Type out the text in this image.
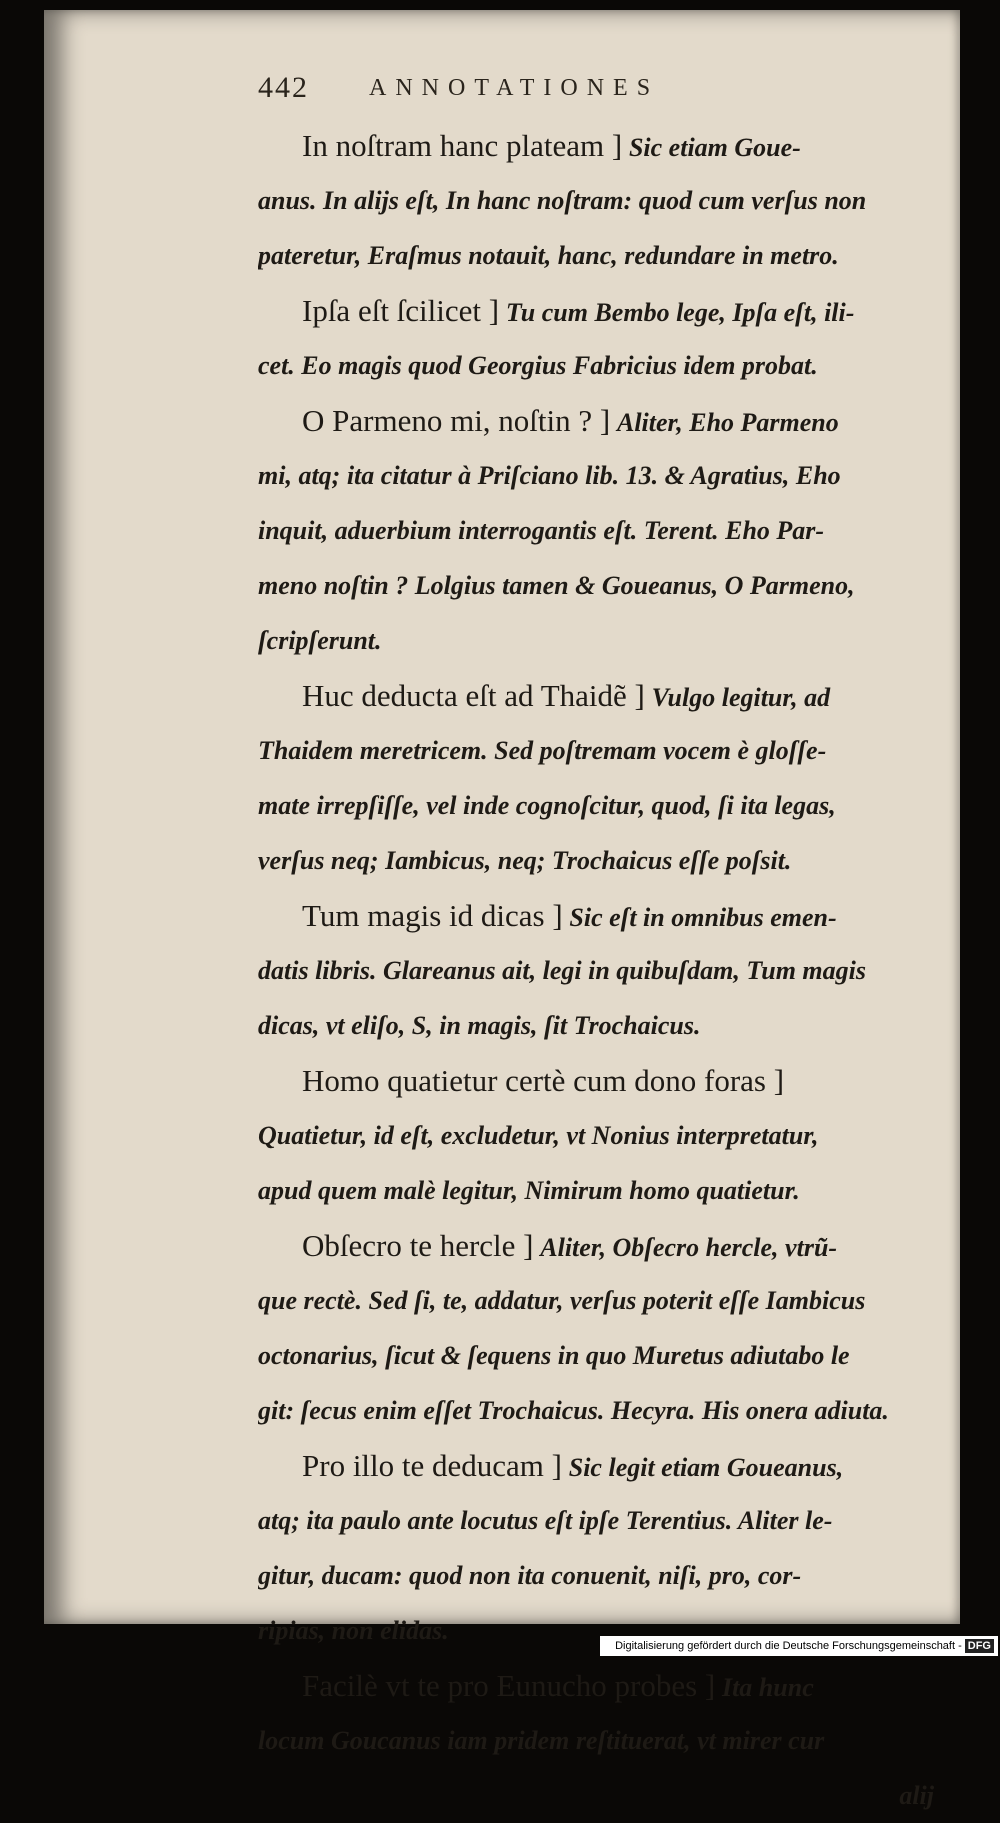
442	ANNOTATIONES
In noſtram hanc plateam ] Sic etiam Goue-
anus. In alijs eſt, In hanc noſtram: quod cum verſus non
pateretur, Eraſmus notauit, hanc, redundare in metro.
Ipſa eſt ſcilicet ] Tu cum Bembo lege, Ipſa eſt, ili-
cet. Eo magis quod Georgius Fabricius idem probat.
O Parmeno mi, noſtin ? ] Aliter, Eho Parmeno
mi, atq; ita citatur à Priſciano lib. 13. & Agratius, Eho
inquit, aduerbium interrogantis eſt. Terent. Eho Par-
meno noſtin ? Lolgius tamen & Goueanus, O Parmeno,
ſcripſerunt.
Huc deducta eſt ad Thaidẽ ] Vulgo legitur, ad
Thaidem meretricem. Sed poſtremam vocem è gloſſe-
mate irrepſiſſe, vel inde cognoſcitur, quod, ſi ita legas,
verſus neq; Iambicus, neq; Trochaicus eſſe poſsit.
Tum magis id dicas ] Sic eſt in omnibus emen-
datis libris. Glareanus ait, legi in quibuſdam, Tum magis
dicas, vt eliſo, S, in magis, ſit Trochaicus.
Homo quatietur certè cum dono foras ]
Quatietur, id eſt, excludetur, vt Nonius interpretatur,
apud quem malè legitur, Nimirum homo quatietur.
Obſecro te hercle ] Aliter, Obſecro hercle, vtrũ-
que rectè. Sed ſi, te, addatur, verſus poterit eſſe Iambicus
octonarius, ſicut & ſequens in quo Muretus adiutabo le
git: ſecus enim eſſet Trochaicus. Hecyra. His onera adiuta.
Pro illo te deducam ] Sic legit etiam Goueanus,
atq; ita paulo ante locutus eſt ipſe Terentius. Aliter le-
gitur, ducam: quod non ita conuenit, niſi, pro, cor-
ripias, non elidas.
Facilè vt te pro Eunucho probes ] Ita hunc
locum Goucanus iam pridem reſtituerat, vt mirer cur
alij
Digitalisierung gefördert durch die Deutsche Forschungsgemeinschaft - DFG
